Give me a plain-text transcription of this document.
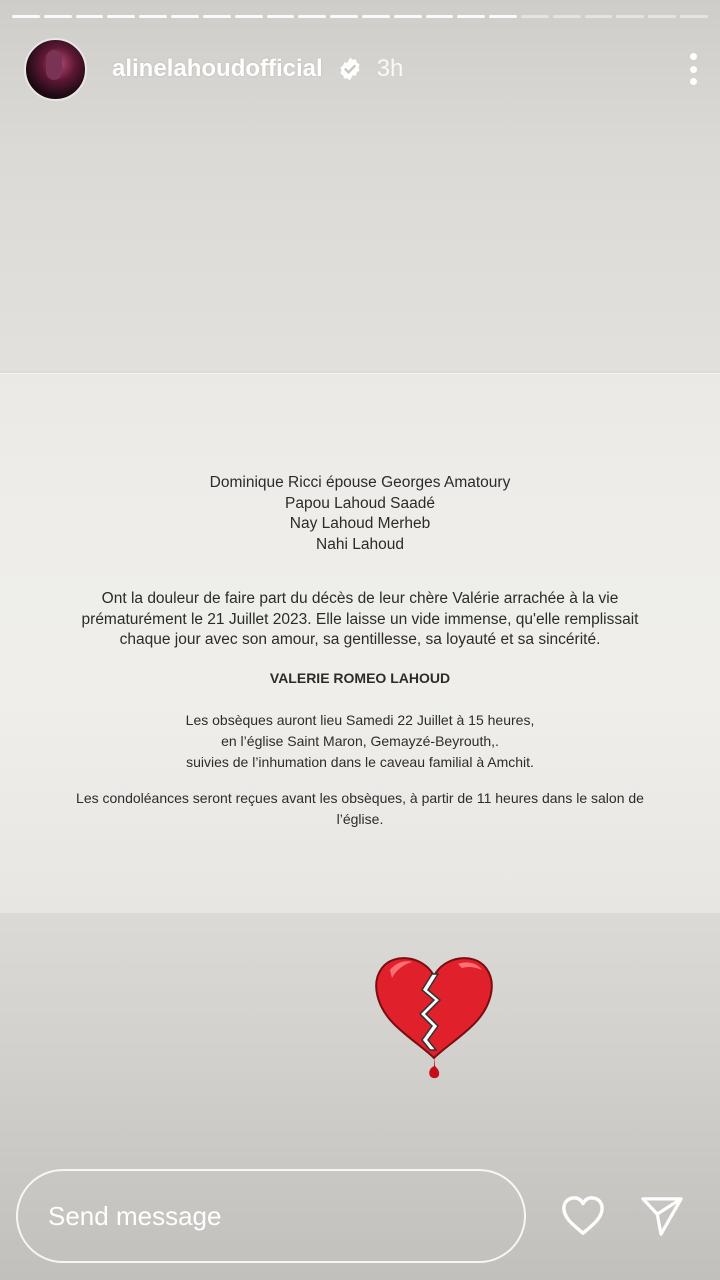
alinelahoudofficial 3h
Dominique Ricci épouse Georges Amatoury
Papou Lahoud Saadé
Nay Lahoud Merheb
Nahi Lahoud
Ont la douleur de faire part du décès de leur chère Valérie arrachée à la vie
prématurément le 21 Juillet 2023. Elle laisse un vide immense, qu'elle remplissait
chaque jour avec son amour, sa gentillesse, sa loyauté et sa sincérité.
VALERIE ROMEO LAHOUD
Les obsèques auront lieu Samedi 22 Juillet à 15 heures,
en l’église Saint Maron, Gemayzé-Beyrouth,.
suivies de l’inhumation dans le caveau familial à Amchit.
Les condoléances seront reçues avant les obsèques, à partir de 11 heures dans le salon de
l’église.
Send message
